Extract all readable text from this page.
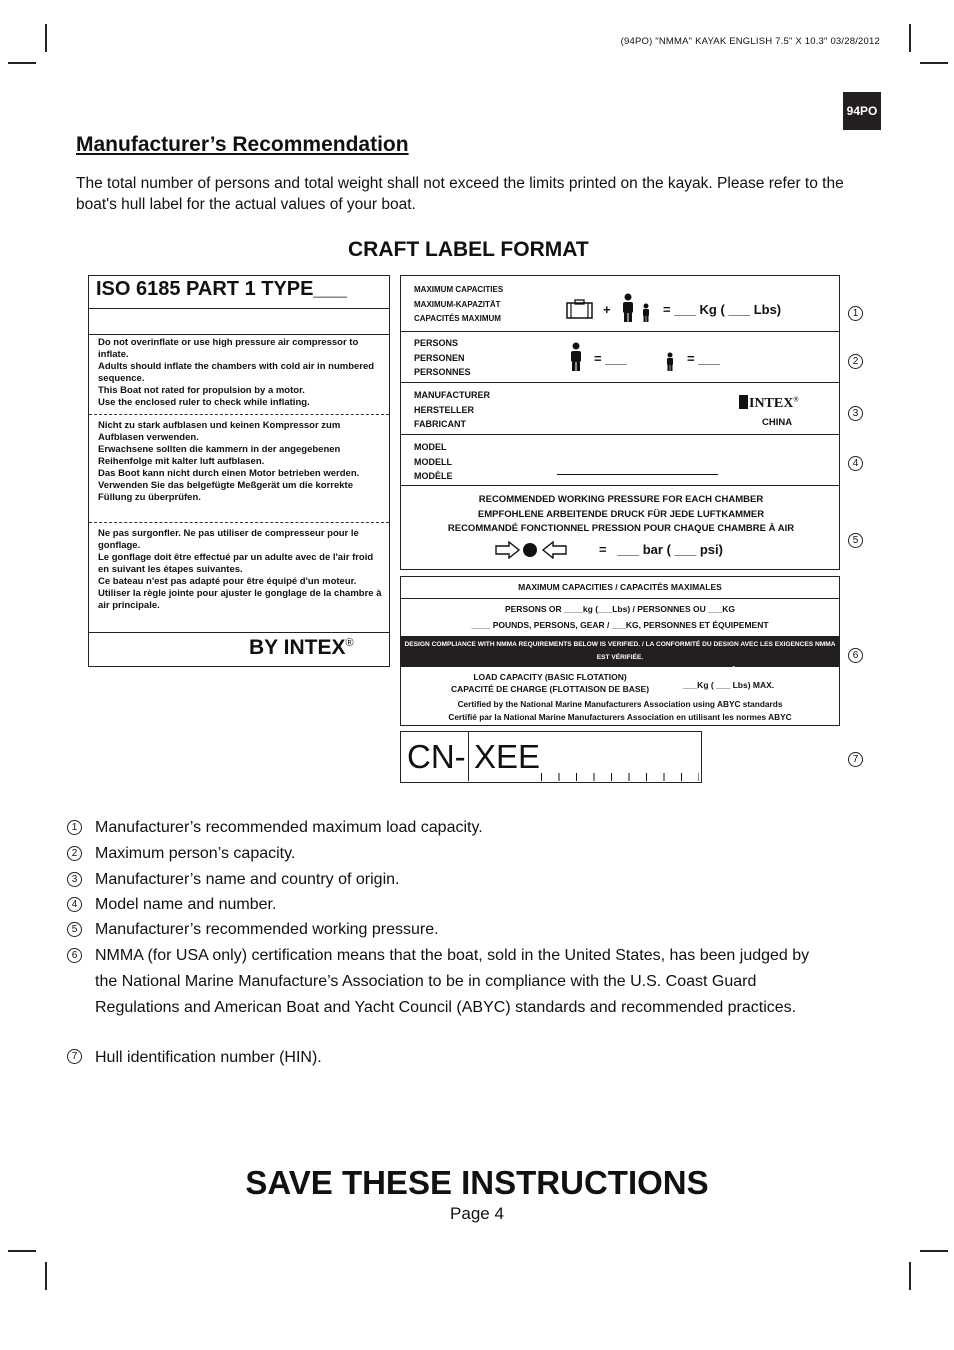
(94PO) "NMMA" KAYAK ENGLISH 7.5" X 10.3" 03/28/2012
94PO
Manufacturer’s Recommendation
The total number of persons and total weight shall not exceed the limits printed on the kayak. Please refer to the boat's hull label for the actual values of your boat.
CRAFT LABEL FORMAT
ISO 6185 PART 1 TYPE___
Do not overinflate or use high pressure air compressor to inflate.
Adults should inflate the chambers with cold air in numbered sequence.
This Boat not rated for propulsion by a motor.
Use the enclosed ruler to check while inflating.
Nicht zu stark aufblasen und keinen Kompressor zum Aufblasen verwenden.
Erwachsene sollten die kammern in der angegebenen Reihenfolge mit kalter luft aufblasen.
Das Boot kann nicht durch einen Motor betrieben werden.
Verwenden Sie das belgefügte Meßgerät um die korrekte Füllung zu überprüfen.
Ne pas surgonfler. Ne pas utiliser de compresseur pour le gonflage.
Le gonflage doit être effectué par un adulte avec de l'air froid en suivant les étapes suivantes.
Ce bateau n'est pas adapté pour être équipé d'un moteur.
Utiliser la règle jointe pour ajuster le gonglage de la chambre à air principale.
BY INTEX®
MAXIMUM CAPACITIES
MAXIMUM-KAPAZITÄT
CAPACITÉS MAXIMUM
+	= ___ Kg ( ___ Lbs)
PERSONS
PERSONEN
PERSONNES
= ___	= ___
MANUFACTURER
HERSTELLER
FABRICANT
INTEX®
CHINA
MODEL
MODELL
MODÈLE
RECOMMENDED WORKING PRESSURE FOR EACH CHAMBER
EMPFOHLENE ARBEITENDE DRUCK FÜR JEDE LUFTKAMMER
RECOMMANDÉ FONCTIONNEL PRESSION POUR CHAQUE CHAMBRE À AIR
=   ___ bar ( ___ psi)
MAXIMUM CAPACITIES / CAPACITÉS MAXIMALES
PERSONS OR ____kg (___Lbs) / PERSONNES OU ___KG
____ POUNDS, PERSONS, GEAR / ___KG, PERSONNES ET ÉQUIPEMENT
DESIGN COMPLIANCE WITH NMMA REQUIREMENTS BELOW IS VERIFIED. / LA CONFORMITÉ DU DESIGN AVEC LES EXIGENCES NMMA EST VÉRIFIÉE.
MFGR. RESPONSIBLE FOR PRODUCTION CONTROL / MFGR. RESPONSABLE DU CONTRÔLE PRODUCTION
LOAD CAPACITY (BASIC FLOTATION)
CAPACITÉ DE CHARGE (FLOTTAISON DE BASE)	___Kg ( ___ Lbs) MAX.
Certified by the National Marine Manufacturers Association using ABYC standards
Certifié par la National Marine Manufacturers Association en utilisant les normes ABYC
CN- XEE
1
2
3
4
5
6
7
1 Manufacturer’s recommended maximum load capacity.
2 Maximum person’s capacity.
3 Manufacturer’s name and country of origin.
4 Model name and number.
5 Manufacturer’s recommended working pressure.
6 NMMA (for USA only) certification means that the boat, sold in the United States, has been judged by the National Marine Manufacture’s Association to be in compliance with the U.S. Coast Guard Regulations and American Boat and Yacht Council (ABYC) standards and recommended practices.
7 Hull identification number (HIN).
SAVE THESE INSTRUCTIONS
Page 4
